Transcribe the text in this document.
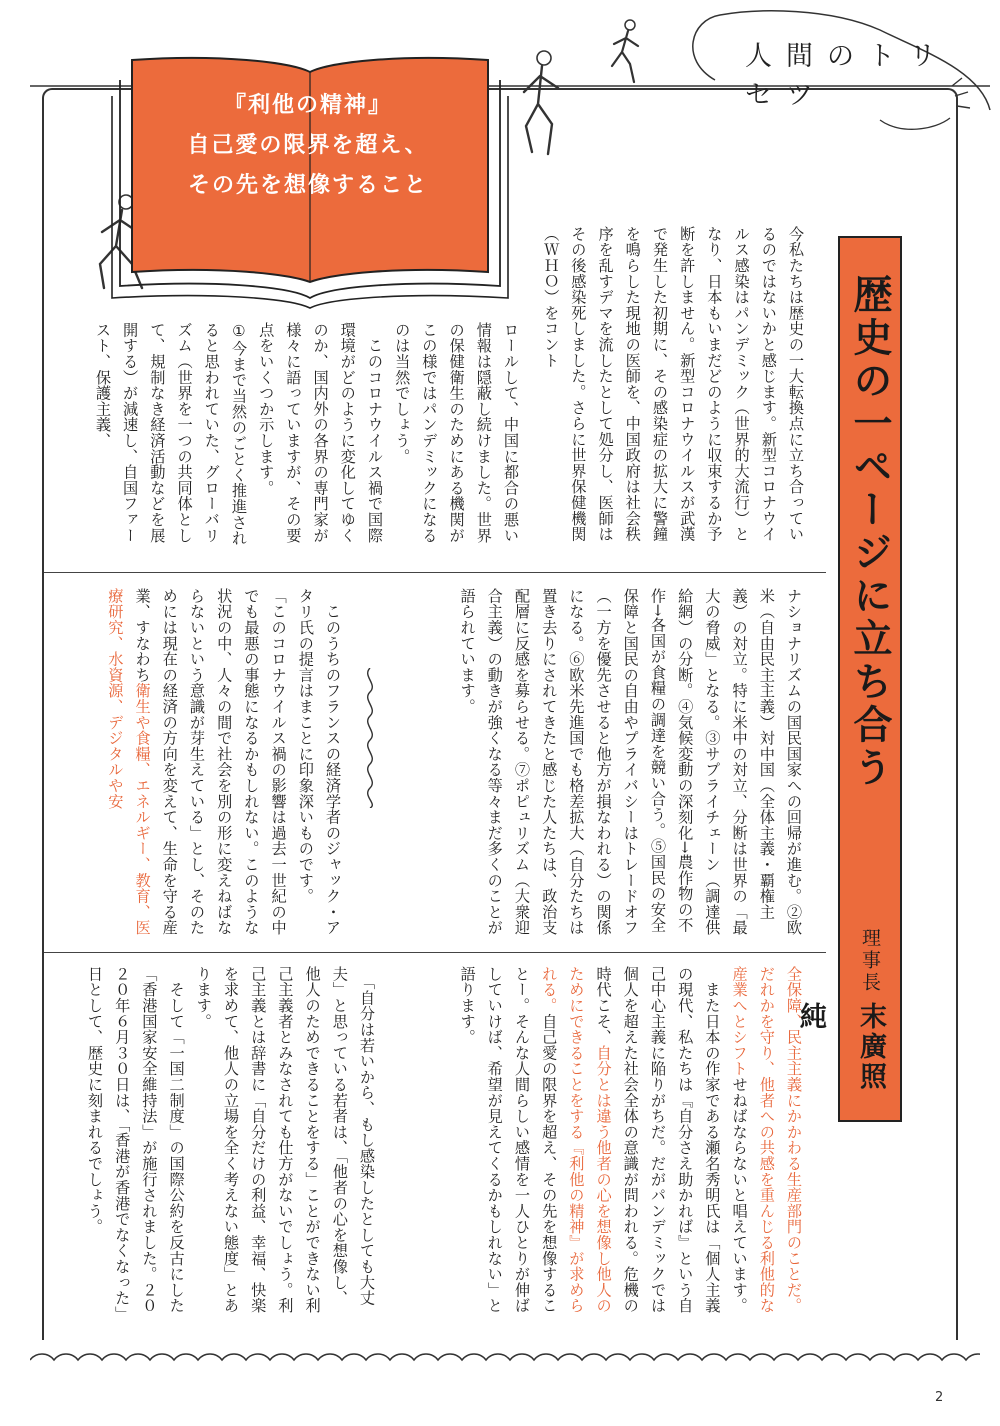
『利他の精神』
自己愛の限界を超え、
その先を想像すること
人間のトリセツ
歴史の一ページに立ち合う
理事長
末廣照純
今私たちは歴史の一大転換点に立ち合っているのではないかと感じます。新型コロナウイルス感染はパンデミック（世界的大流行）となり、日本もいまだどのように収束するか予断を許しません。新型コロナウイルスが武漢で発生した初期に、その感染症の拡大に警鐘を鳴らした現地の医師を、中国政府は社会秩序を乱すデマを流したとして処分し、医師はその後感染死しました。さらに世界保健機関（ＷＨＯ）をコント
ロールして、中国に都合の悪い情報は隠蔽し続けました。世界の保健衛生のためにある機関がこの様ではパンデミックになるのは当然でしょう。
　このコロナウイルス禍で国際環境がどのように変化してゆくのか、国内外の各界の専門家が様々に語っていますが、その要点をいくつか示します。
①今まで当然のごとく推進されると思われていた、グローバリズム（世界を一つの共同体として、規制なき経済活動などを展開する）が減速し、自国ファースト、保護主義、
ナショナリズムの国民国家への回帰が進む。②欧米（自由民主主義）対中国（全体主義・覇権主義）の対立。特に米中の対立、分断は世界の「最大の脅威」となる。③サプライチェーン（調達供給網）の分断。④気候変動の深刻化→農作物の不作→各国が食糧の調達を競い合う。⑤国民の安全保障と国民の自由やプライバシーはトレードオフ（一方を優先させると他方が損なわれる）の関係になる。⑥欧米先進国でも格差拡大（自分たちは置き去りにされてきたと感じた人たちは、政治支配層に反感を募らせる。⑦ポピュリズム（大衆迎合主義）の動きが強くなる等々まだ多くのことが語られています。
　このうちのフランスの経済学者のジャック・アタリ氏の提言はまことに印象深いものです。
「このコロナウイルス禍の影響は過去一世紀の中でも最悪の事態になるかもしれない。このような状況の中、人々の間で社会を別の形に変えねばならないという意識が芽生えている」とし、そのためには現在の経済の方向を変えて、生命を守る産業、すなわち衛生や食糧、エネルギー、教育、医療研究、水資源、デジタルや安
全保障、民主主義にかかわる生産部門のことだ。だれかを守り、他者への共感を重んじる利他的な産業へとシフトせねばならないと唱えています。
　また日本の作家である瀬名秀明氏は「個人主義の現代、私たちは『自分さえ助かれば』という自己中心主義に陥りがちだ。だがパンデミックでは個人を超えた社会全体の意識が問われる。危機の時代こそ、自分とは違う他者の心を想像し他人のためにできることをする『利他の精神』が求められる。自己愛の限界を超え、その先を想像することー。そんな人間らしい感情を一人ひとりが伸ばしていけば、希望が見えてくるかもしれない」と語ります。
　「自分は若いから、もし感染したとしても大丈夫」と思っている若者は、「他者の心を想像し、他人のためできることをする」ことができない利己主義者とみなされても仕方がないでしょう。利己主義とは辞書に「自分だけの利益、幸福、快楽を求めて、他人の立場を全く考えない態度」とあります。
　そして「一国二制度」の国際公約を反古にした「香港国家安全維持法」が施行されました。２０２０年６月３０日は、「香港が香港でなくなった」日として、歴史に刻まれるでしょう。
2
